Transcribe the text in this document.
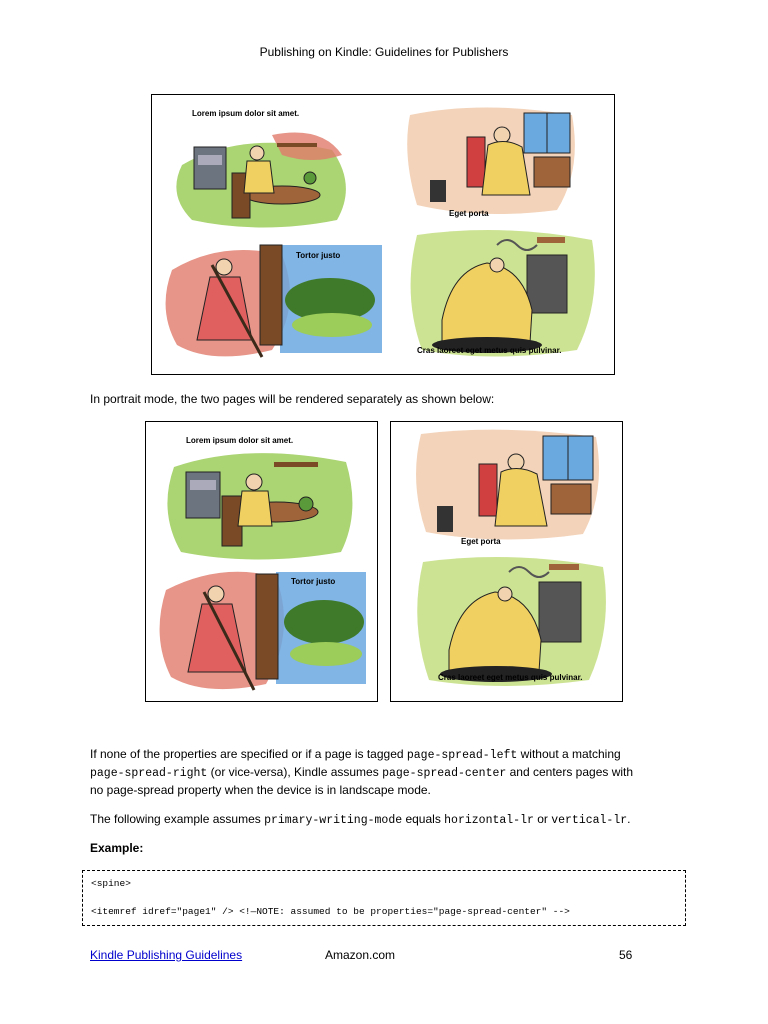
Publishing on Kindle: Guidelines for Publishers
Lorem ipsum dolor sit amet.
Eget porta
Tortor justo
Cras laoreet eget metus quis pulvinar.
In portrait mode, the two pages will be rendered separately as shown below:
Lorem ipsum dolor sit amet.
Tortor justo
Eget porta
Cras laoreet eget metus quis pulvinar.
If none of the properties are specified or if a page is tagged page-spread-left without a matching
page-spread-right (or vice-versa), Kindle assumes page-spread-center and centers pages with
no page-spread property when the device is in landscape mode.
The following example assumes primary-writing-mode equals horizontal-lr or vertical-lr.
Example:
<spine>
<itemref idref="page1" /> <!—NOTE: assumed to be properties="page-spread-center" -->
Kindle Publishing Guidelines	Amazon.com	56
